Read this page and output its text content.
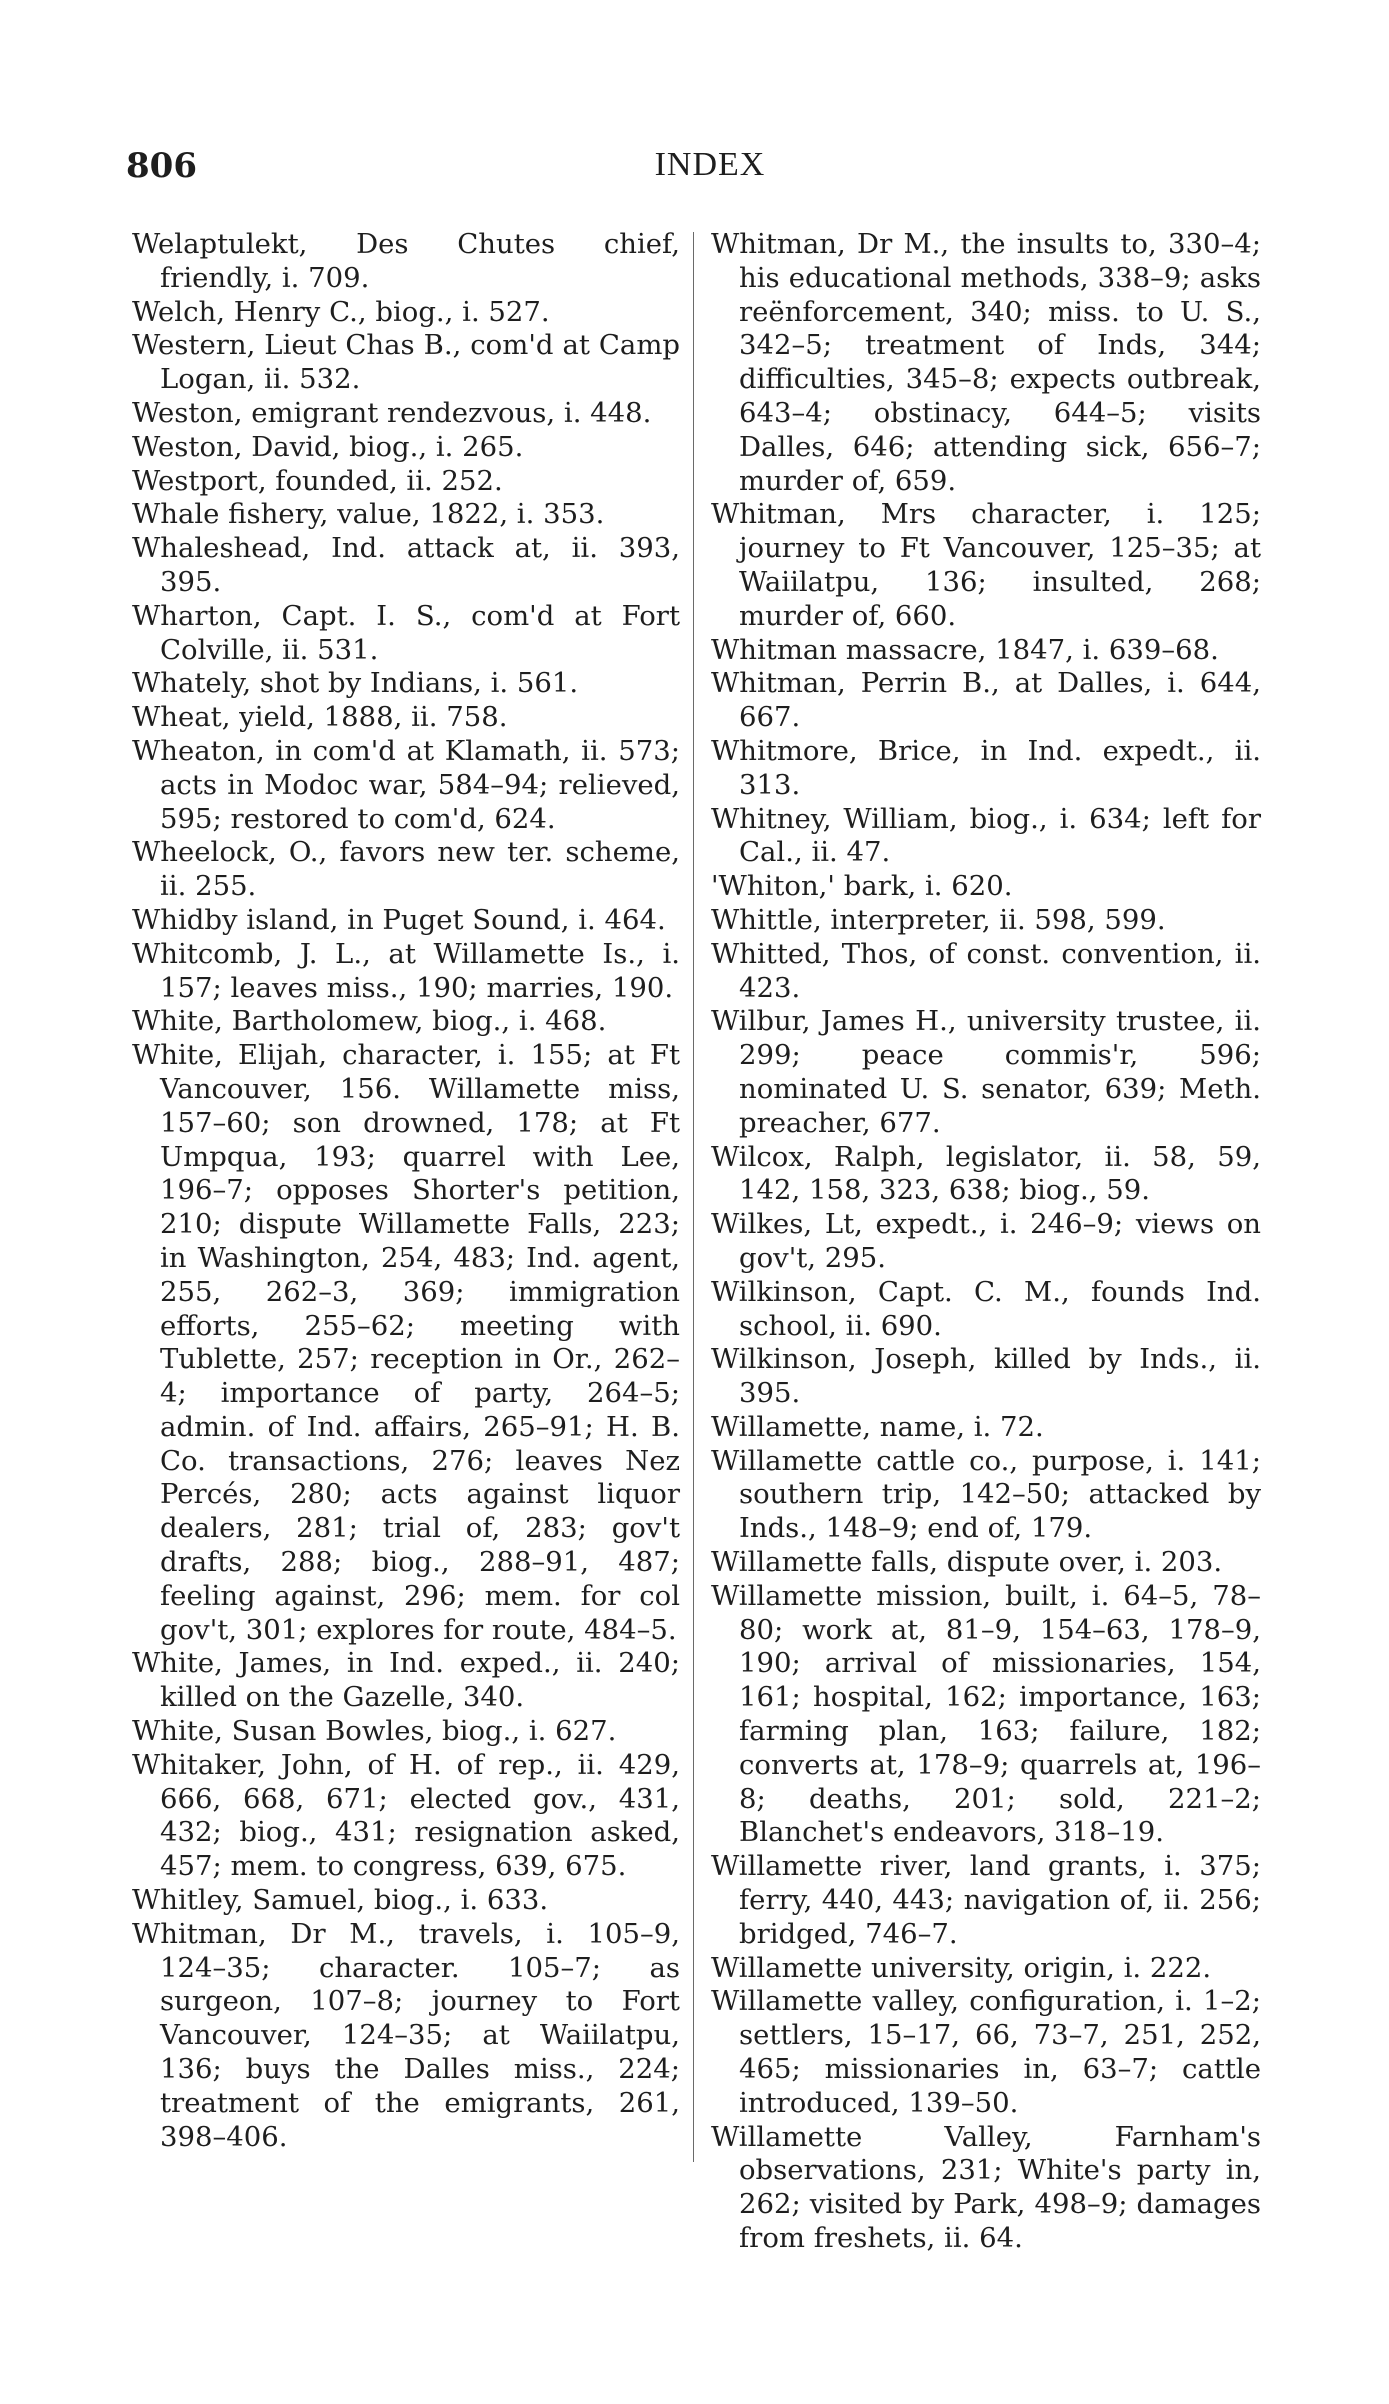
806	INDEX

Welaptulekt, Des Chutes chief, friendly, i. 709.

Welch, Henry C., biog., i. 527.

Western, Lieut Chas B., com'd at Camp Logan, ii. 532.

Weston, emigrant rendezvous, i. 448.

Weston, David, biog., i. 265.

Westport, founded, ii. 252.

Whale fishery, value, 1822, i. 353.

Whaleshead, Ind. attack at, ii. 393, 395.

Wharton, Capt. I. S., com'd at Fort Colville, ii. 531.

Whately, shot by Indians, i. 561.

Wheat, yield, 1888, ii. 758.

Wheaton, in com'd at Klamath, ii. 573; acts in Modoc war, 584–94; relieved, 595; restored to com'd, 624.

Wheelock, O., favors new ter. scheme, ii. 255.

Whidby island, in Puget Sound, i. 464.

Whitcomb, J. L., at Willamette Is., i. 157; leaves miss., 190; marries, 190.

White, Bartholomew, biog., i. 468.

White, Elijah, character, i. 155; at Ft Vancouver, 156. Willamette miss, 157–60; son drowned, 178; at Ft Umpqua, 193; quarrel with Lee, 196–7; opposes Shorter's petition, 210; dispute Willamette Falls, 223; in Washington, 254, 483; Ind. agent, 255, 262–3, 369; immigration efforts, 255–62; meeting with Tublette, 257; reception in Or., 262–4; importance of party, 264–5; admin. of Ind. affairs, 265–91; H. B. Co. transactions, 276; leaves Nez Percés, 280; acts against liquor dealers, 281; trial of, 283; gov't drafts, 288; biog., 288–91, 487; feeling against, 296; mem. for col gov't, 301; explores for route, 484–5.

White, James, in Ind. exped., ii. 240; killed on the Gazelle, 340.

White, Susan Bowles, biog., i. 627.

Whitaker, John, of H. of rep., ii. 429, 666, 668, 671; elected gov., 431, 432; biog., 431; resignation asked, 457; mem. to congress, 639, 675.

Whitley, Samuel, biog., i. 633.

Whitman, Dr M., travels, i. 105–9, 124–35; character. 105–7; as surgeon, 107–8; journey to Fort Vancouver, 124–35; at Waiilatpu, 136; buys the Dalles miss., 224; treatment of the emigrants, 261, 398–406.

Whitman, Dr M., the insults to, 330–4; his educational methods, 338–9; asks reënforcement, 340; miss. to U. S., 342–5; treatment of Inds, 344; difficulties, 345–8; expects outbreak, 643–4; obstinacy, 644–5; visits Dalles, 646; attending sick, 656–7; murder of, 659.

Whitman, Mrs character, i. 125; journey to Ft Vancouver, 125–35; at Waiilatpu, 136; insulted, 268; murder of, 660.

Whitman massacre, 1847, i. 639–68.

Whitman, Perrin B., at Dalles, i. 644, 667.

Whitmore, Brice, in Ind. expedt., ii. 313.

Whitney, William, biog., i. 634; left for Cal., ii. 47.

'Whiton,' bark, i. 620.

Whittle, interpreter, ii. 598, 599.

Whitted, Thos, of const. convention, ii. 423.

Wilbur, James H., university trustee, ii. 299; peace commis'r, 596; nominated U. S. senator, 639; Meth. preacher, 677.

Wilcox, Ralph, legislator, ii. 58, 59, 142, 158, 323, 638; biog., 59.

Wilkes, Lt, expedt., i. 246–9; views on gov't, 295.

Wilkinson, Capt. C. M., founds Ind. school, ii. 690.

Wilkinson, Joseph, killed by Inds., ii. 395.

Willamette, name, i. 72.

Willamette cattle co., purpose, i. 141; southern trip, 142–50; attacked by Inds., 148–9; end of, 179.

Willamette falls, dispute over, i. 203.

Willamette mission, built, i. 64–5, 78–80; work at, 81–9, 154–63, 178–9, 190; arrival of missionaries, 154, 161; hospital, 162; importance, 163; farming plan, 163; failure, 182; converts at, 178–9; quarrels at, 196–8; deaths, 201; sold, 221–2; Blanchet's endeavors, 318–19.

Willamette river, land grants, i. 375; ferry, 440, 443; navigation of, ii. 256; bridged, 746–7.

Willamette university, origin, i. 222.

Willamette valley, configuration, i. 1–2; settlers, 15–17, 66, 73–7, 251, 252, 465; missionaries in, 63–7; cattle introduced, 139–50.

Willamette Valley, Farnham's observations, 231; White's party in, 262; visited by Park, 498–9; damages from freshets, ii. 64.
